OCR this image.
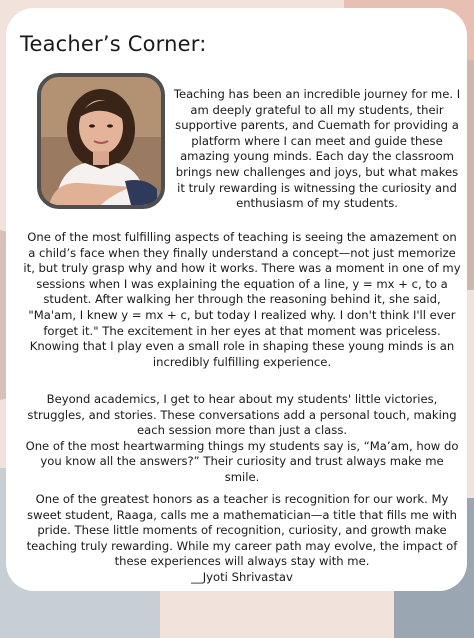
Teacher’s Corner:

Teaching has been an incredible journey for me. I am deeply grateful to all my students, their supportive parents, and Cuemath for providing a platform where I can meet and guide these amazing young minds. Each day the classroom brings new challenges and joys, but what makes it truly rewarding is witnessing the curiosity and enthusiasm of my students.

One of the most fulfilling aspects of teaching is seeing the amazement on a child’s face when they finally understand a concept—not just memorize it, but truly grasp why and how it works. There was a moment in one of my sessions when I was explaining the equation of a line, y = mx + c, to a student. After walking her through the reasoning behind it, she said, "Ma'am, I knew y = mx + c, but today I realized why. I don't think I'll ever forget it." The excitement in her eyes at that moment was priceless. Knowing that I play even a small role in shaping these young minds is an incredibly fulfilling experience.

Beyond academics, I get to hear about my students' little victories, struggles, and stories. These conversations add a personal touch, making each session more than just a class.
One of the most heartwarming things my students say is, “Ma’am, how do you know all the answers?” Their curiosity and trust always make me smile.
One of the greatest honors as a teacher is recognition for our work. My sweet student, Raaga, calls me a mathematician—a title that fills me with pride. These little moments of recognition, curiosity, and growth make teaching truly rewarding. While my career path may evolve, the impact of these experiences will always stay with me.
__Jyoti Shrivastav
